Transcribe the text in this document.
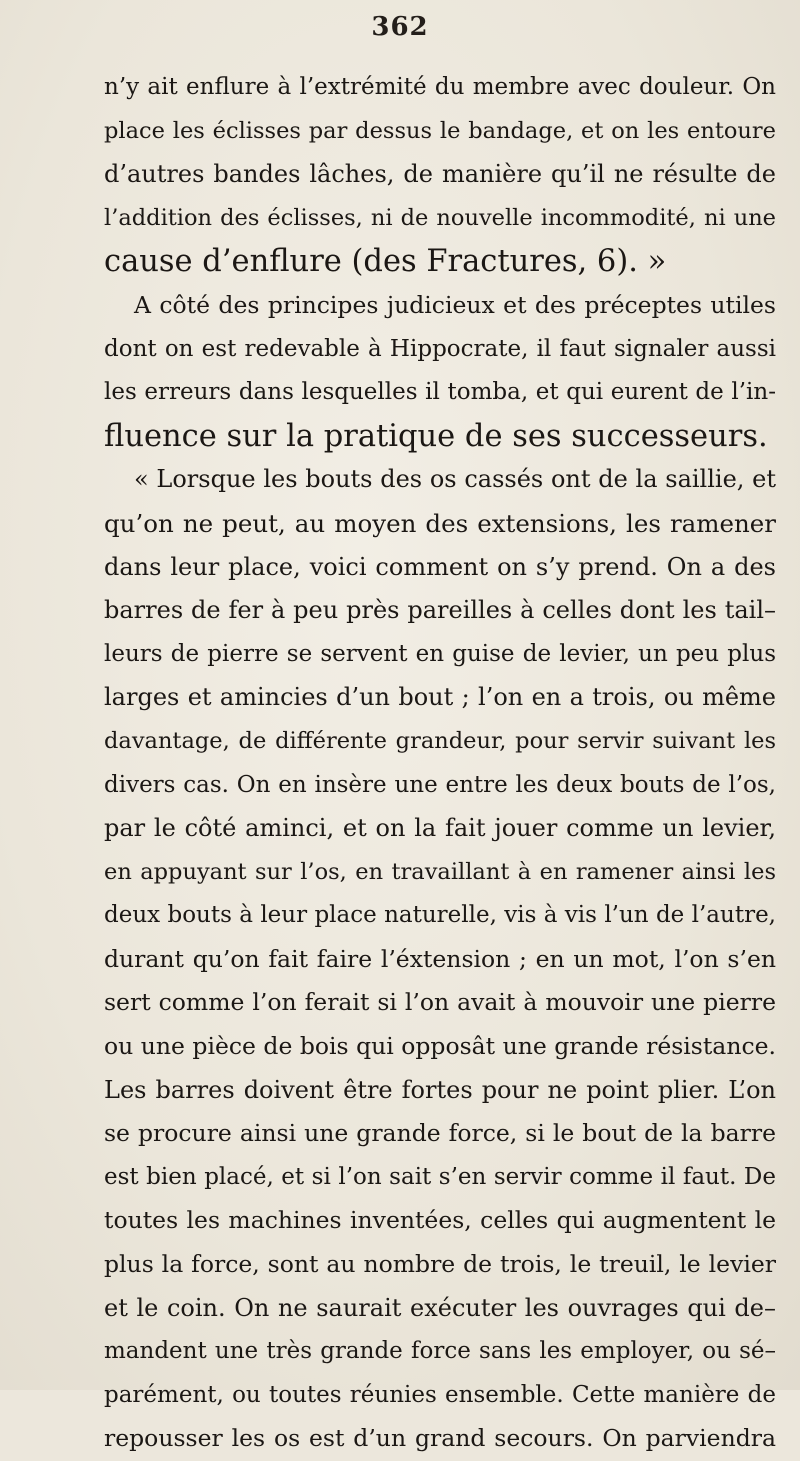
362
n’y ait enflure à l’extrémité du membre avec douleur. On
place les éclisses par dessus le bandage, et on les entoure
d’autres bandes lâches, de manière qu’il ne résulte de
l’addition des éclisses, ni de nouvelle incommodité, ni une
cause d’enflure (des Fractures, 6). »
A côté des principes judicieux et des préceptes utiles
dont on est redevable à Hippocrate, il faut signaler aussi
les erreurs dans lesquelles il tomba, et qui eurent de l’in-
fluence sur la pratique de ses successeurs.
« Lorsque les bouts des os cassés ont de la saillie, et
qu’on ne peut, au moyen des extensions, les ramener
dans leur place, voici comment on s’y prend. On a des
barres de fer à peu près pareilles à celles dont les tail–
leurs de pierre se servent en guise de levier, un peu plus
larges et amincies d’un bout ; l’on en a trois, ou même
davantage, de différente grandeur, pour servir suivant les
divers cas. On en insère une entre les deux bouts de l’os,
par le côté aminci, et on la fait jouer comme un levier,
en appuyant sur l’os, en travaillant à en ramener ainsi les
deux bouts à leur place naturelle, vis à vis l’un de l’autre,
durant qu’on fait faire l’éxtension ; en un mot, l’on s’en
sert comme l’on ferait si l’on avait à mouvoir une pierre
ou une pièce de bois qui opposât une grande résistance.
Les barres doivent être fortes pour ne point plier. L’on
se procure ainsi une grande force, si le bout de la barre
est bien placé, et si l’on sait s’en servir comme il faut. De
toutes les machines inventées, celles qui augmentent le
plus la force, sont au nombre de trois, le treuil, le levier
et le coin. On ne saurait exécuter les ouvrages qui de–
mandent une très grande force sans les employer, ou sé–
parément, ou toutes réunies ensemble. Cette manière de
repousser les os est d’un grand secours. On parviendra
